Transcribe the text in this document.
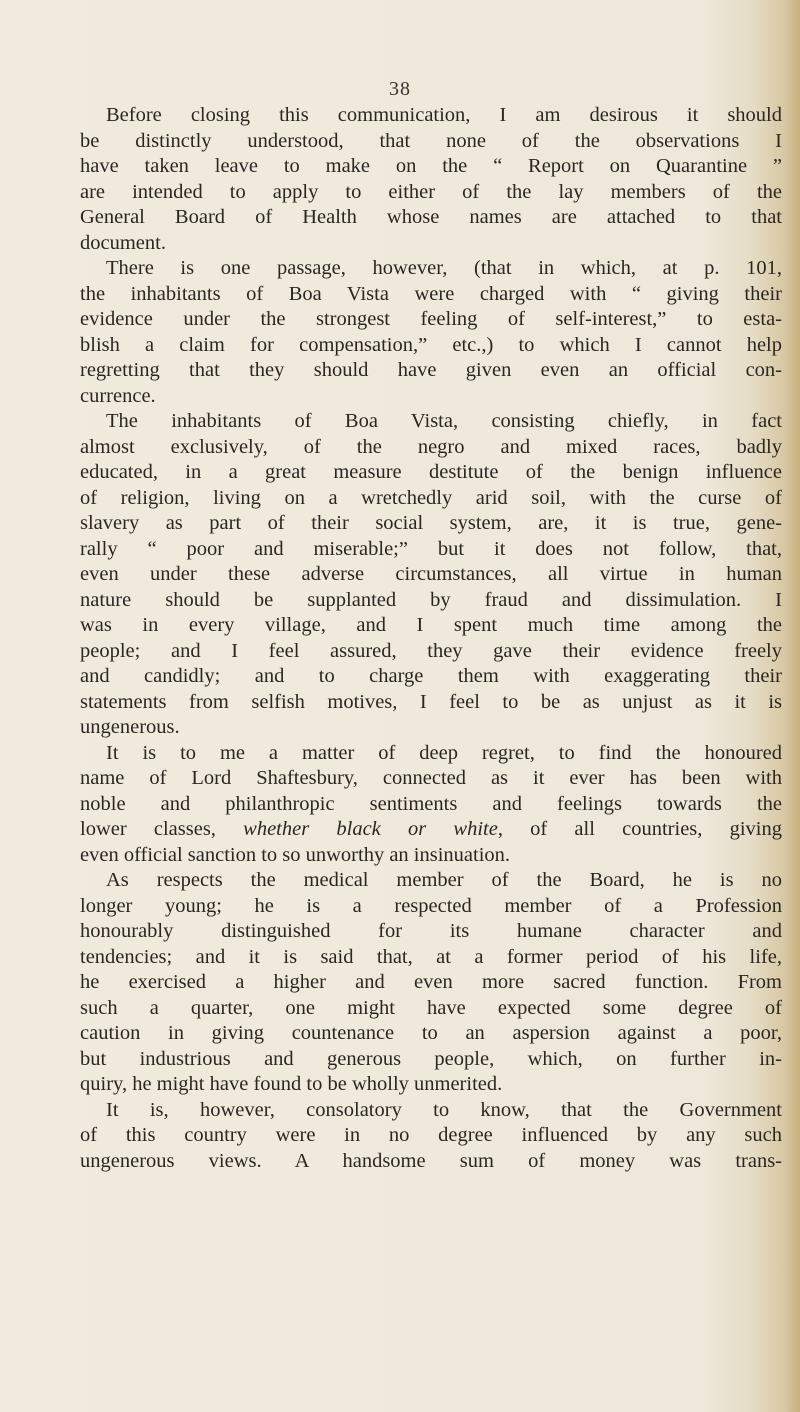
38
Before closing this communication, I am desirous it should
be distinctly understood, that none of the observations I
have taken leave to make on the “ Report on Quarantine ”
are intended to apply to either of the lay members of the
General Board of Health whose names are attached to that
document.
There is one passage, however, (that in which, at p. 101,
the inhabitants of Boa Vista were charged with “ giving their
evidence under the strongest feeling of self-interest,” to esta-
blish a claim for compensation,” etc.,) to which I cannot help
regretting that they should have given even an official con-
currence.
The inhabitants of Boa Vista, consisting chiefly, in fact
almost exclusively, of the negro and mixed races, badly
educated, in a great measure destitute of the benign influence
of religion, living on a wretchedly arid soil, with the curse of
slavery as part of their social system, are, it is true, gene-
rally “ poor and miserable;” but it does not follow, that,
even under these adverse circumstances, all virtue in human
nature should be supplanted by fraud and dissimulation. I
was in every village, and I spent much time among the
people; and I feel assured, they gave their evidence freely
and candidly; and to charge them with exaggerating their
statements from selfish motives, I feel to be as unjust as it is
ungenerous.
It is to me a matter of deep regret, to find the honoured
name of Lord Shaftesbury, connected as it ever has been with
noble and philanthropic sentiments and feelings towards the
lower classes, whether black or white, of all countries, giving
even official sanction to so unworthy an insinuation.
As respects the medical member of the Board, he is no
longer young; he is a respected member of a Profession
honourably distinguished for its humane character and
tendencies; and it is said that, at a former period of his life,
he exercised a higher and even more sacred function. From
such a quarter, one might have expected some degree of
caution in giving countenance to an aspersion against a poor,
but industrious and generous people, which, on further in-
quiry, he might have found to be wholly unmerited.
It is, however, consolatory to know, that the Government
of this country were in no degree influenced by any such
ungenerous views. A handsome sum of money was trans-
